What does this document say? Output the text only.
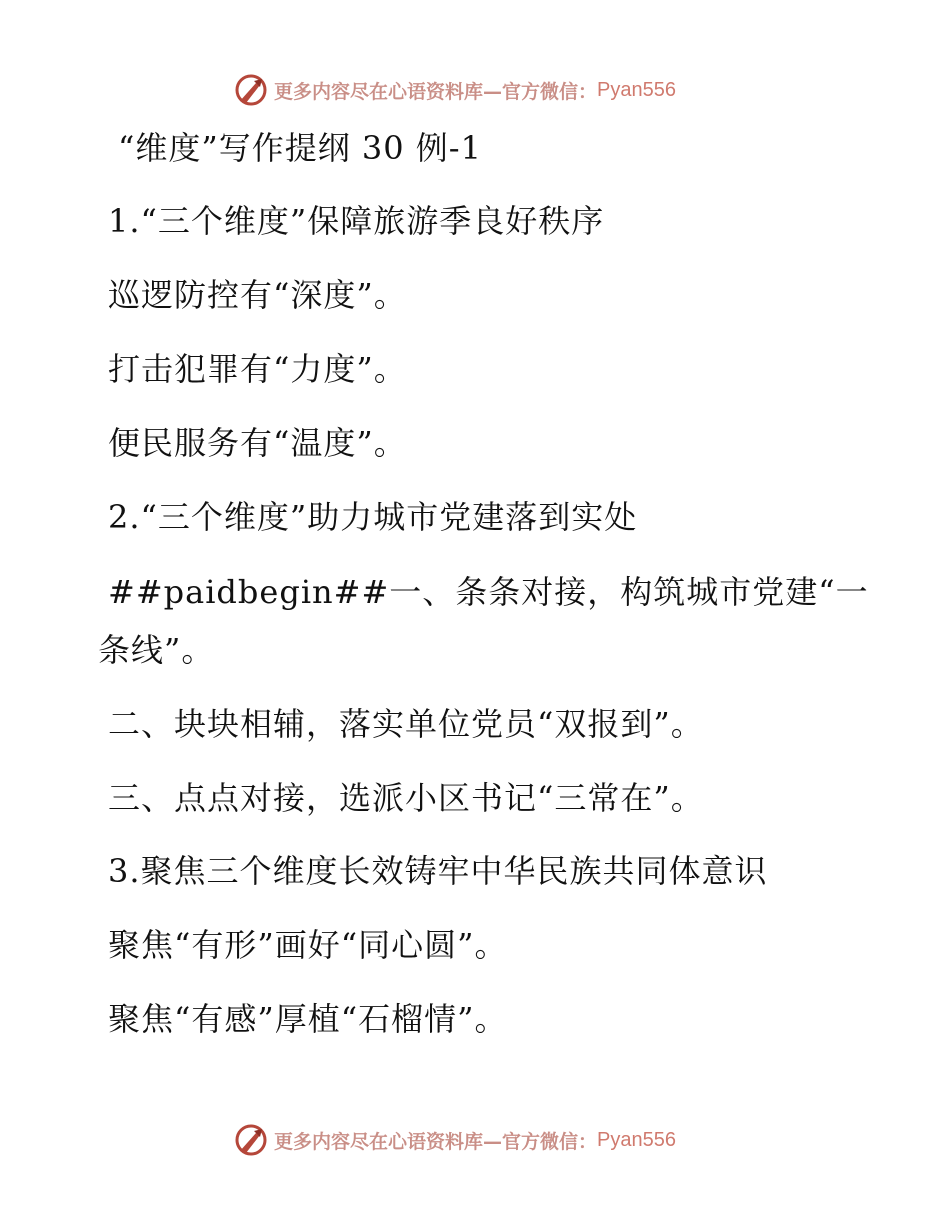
更多内容尽在心语资料库—官方微信： Pyan556
“维度”写作提纲 30 例-1
1.“三个维度”保障旅游季良好秩序
巡逻防控有“深度”。
打击犯罪有“力度”。
便民服务有“温度”。
2.“三个维度”助力城市党建落到实处
##paidbegin##一、条条对接，构筑城市党建“一
条线”。
二、块块相辅，落实单位党员“双报到”。
三、点点对接，选派小区书记“三常在”。
3.聚焦三个维度长效铸牢中华民族共同体意识
聚焦“有形”画好“同心圆”。
聚焦“有感”厚植“石榴情”。
更多内容尽在心语资料库—官方微信： Pyan556
